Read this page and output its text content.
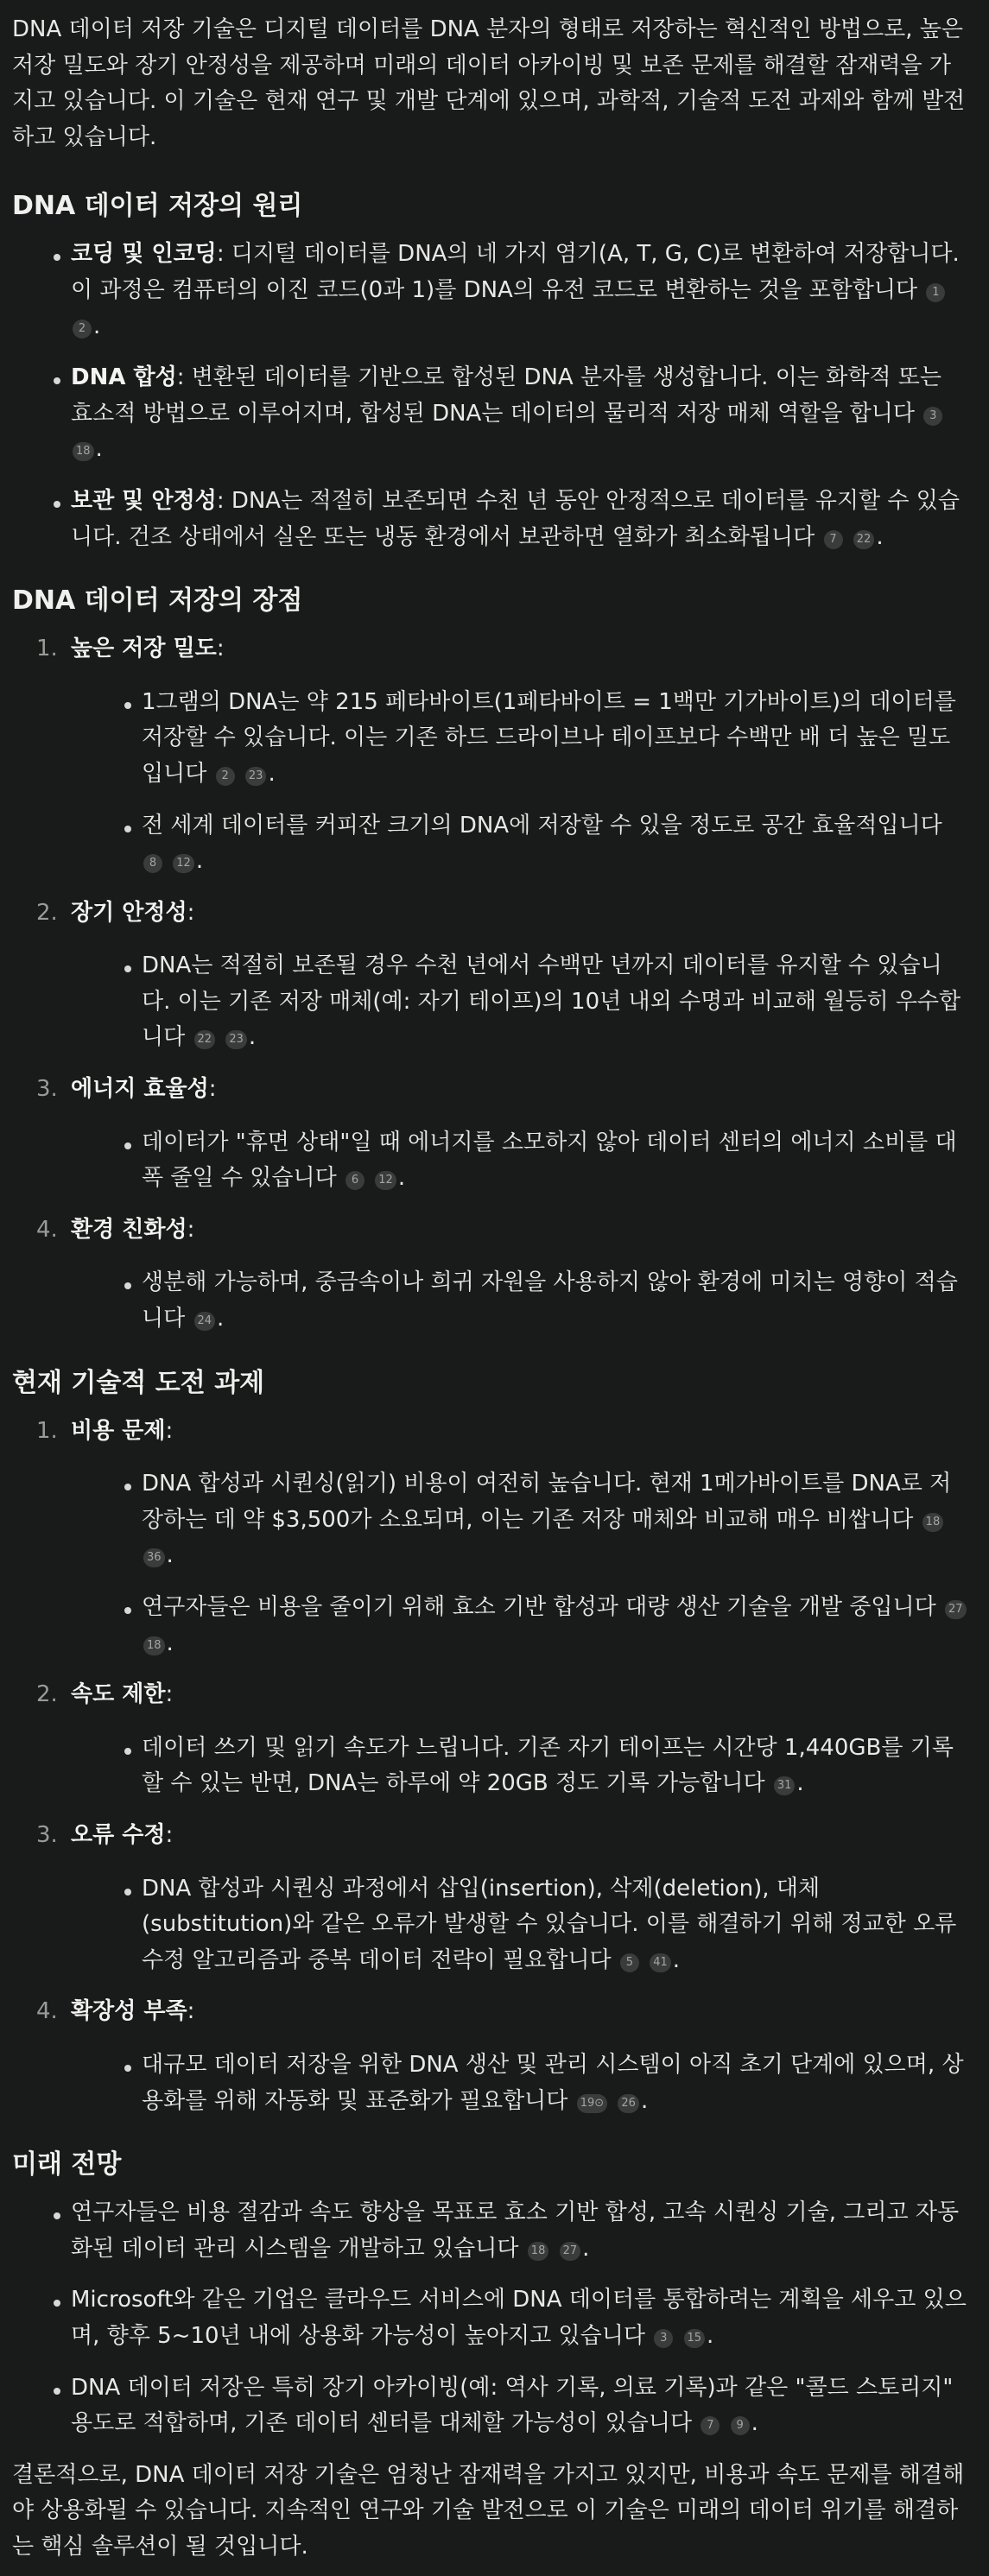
DNA 데이터 저장 기술은 디지털 데이터를 DNA 분자의 형태로 저장하는 혁신적인 방법으로, 높은 저장 밀도와 장기 안정성을 제공하며 미래의 데이터 아카이빙 및 보존 문제를 해결할 잠재력을 가지고 있습니다. 이 기술은 현재 연구 및 개발 단계에 있으며, 과학적, 기술적 도전 과제와 함께 발전하고 있습니다.

DNA 데이터 저장의 원리
코딩 및 인코딩: 디지털 데이터를 DNA의 네 가지 염기(A, T, G, C)로 변환하여 저장합니다. 이 과정은 컴퓨터의 이진 코드(0과 1)를 DNA의 유전 코드로 변환하는 것을 포함합니다 1 2 .
DNA 합성: 변환된 데이터를 기반으로 합성된 DNA 분자를 생성합니다. 이는 화학적 또는 효소적 방법으로 이루어지며, 합성된 DNA는 데이터의 물리적 저장 매체 역할을 합니다 3 18 .
보관 및 안정성: DNA는 적절히 보존되면 수천 년 동안 안정적으로 데이터를 유지할 수 있습니다. 건조 상태에서 실온 또는 냉동 환경에서 보관하면 열화가 최소화됩니다 7 22 .
DNA 데이터 저장의 장점
1. 높은 저장 밀도:
1그램의 DNA는 약 215 페타바이트(1페타바이트 = 1백만 기가바이트)의 데이터를 저장할 수 있습니다. 이는 기존 하드 드라이브나 테이프보다 수백만 배 더 높은 밀도입니다 2 23 .
전 세계 데이터를 커피잔 크기의 DNA에 저장할 수 있을 정도로 공간 효율적입니다 8 12 .
2. 장기 안정성:
DNA는 적절히 보존될 경우 수천 년에서 수백만 년까지 데이터를 유지할 수 있습니다. 이는 기존 저장 매체(예: 자기 테이프)의 10년 내외 수명과 비교해 월등히 우수합니다 22 23 .
3. 에너지 효율성:
데이터가 "휴면 상태"일 때 에너지를 소모하지 않아 데이터 센터의 에너지 소비를 대폭 줄일 수 있습니다 6 12 .
4. 환경 친화성:
생분해 가능하며, 중금속이나 희귀 자원을 사용하지 않아 환경에 미치는 영향이 적습니다 24 .
현재 기술적 도전 과제
1. 비용 문제:
DNA 합성과 시퀀싱(읽기) 비용이 여전히 높습니다. 현재 1메가바이트를 DNA로 저장하는 데 약 $3,500가 소요되며, 이는 기존 저장 매체와 비교해 매우 비쌉니다 18 36 .
연구자들은 비용을 줄이기 위해 효소 기반 합성과 대량 생산 기술을 개발 중입니다 27 18 .
2. 속도 제한:
데이터 쓰기 및 읽기 속도가 느립니다. 기존 자기 테이프는 시간당 1,440GB를 기록할 수 있는 반면, DNA는 하루에 약 20GB 정도 기록 가능합니다 31 .
3. 오류 수정:
DNA 합성과 시퀀싱 과정에서 삽입(insertion), 삭제(deletion), 대체(substitution)와 같은 오류가 발생할 수 있습니다. 이를 해결하기 위해 정교한 오류 수정 알고리즘과 중복 데이터 전략이 필요합니다 5 41 .
4. 확장성 부족:
대규모 데이터 저장을 위한 DNA 생산 및 관리 시스템이 아직 초기 단계에 있으며, 상용화를 위해 자동화 및 표준화가 필요합니다 19⊙ 26 .
미래 전망
연구자들은 비용 절감과 속도 향상을 목표로 효소 기반 합성, 고속 시퀀싱 기술, 그리고 자동화된 데이터 관리 시스템을 개발하고 있습니다 18 27 .
Microsoft와 같은 기업은 클라우드 서비스에 DNA 데이터를 통합하려는 계획을 세우고 있으며, 향후 5~10년 내에 상용화 가능성이 높아지고 있습니다 3 15 .
DNA 데이터 저장은 특히 장기 아카이빙(예: 역사 기록, 의료 기록)과 같은 "콜드 스토리지" 용도로 적합하며, 기존 데이터 센터를 대체할 가능성이 있습니다 7 9 .

결론적으로, DNA 데이터 저장 기술은 엄청난 잠재력을 가지고 있지만, 비용과 속도 문제를 해결해야 상용화될 수 있습니다. 지속적인 연구와 기술 발전으로 이 기술은 미래의 데이터 위기를 해결하는 핵심 솔루션이 될 것입니다.
